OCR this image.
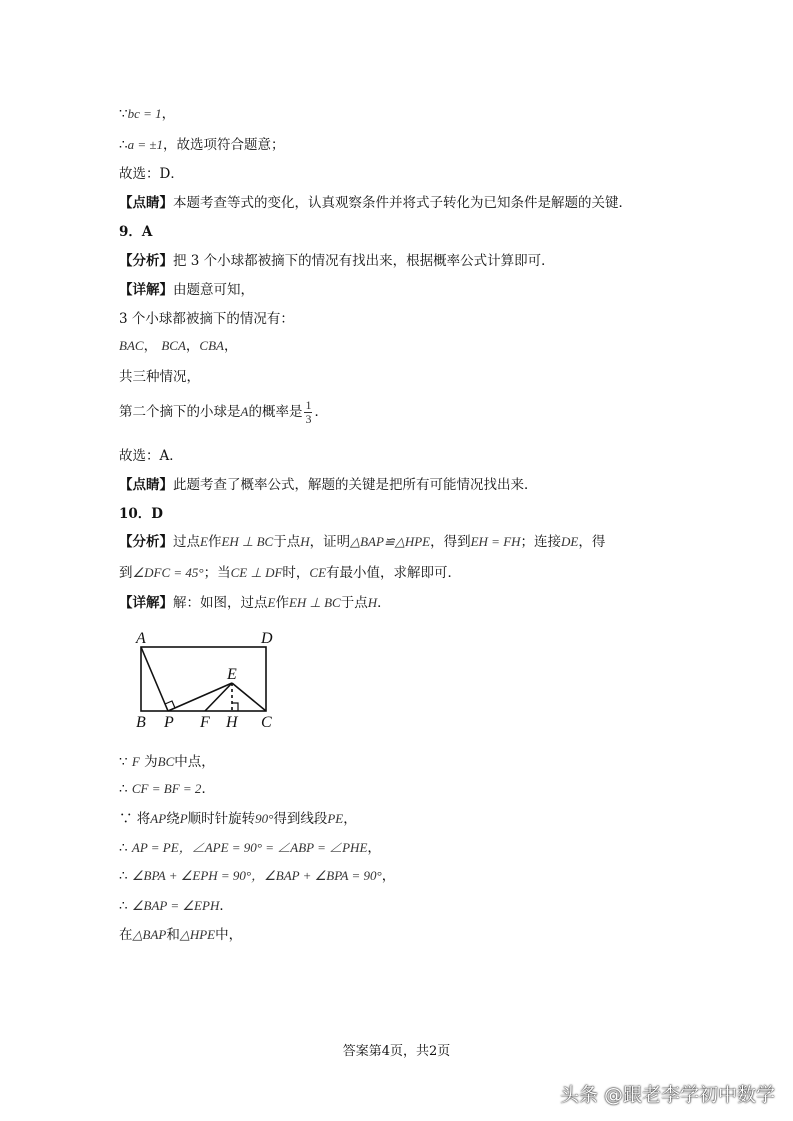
∵bc = 1，
∴a = ±1，故选项符合题意；
故选：D．
【点睛】本题考查等式的变化，认真观察条件并将式子转化为已知条件是解题的关键．
9．A
【分析】把 3 个小球都被摘下的情况有找出来，根据概率公式计算即可．
【详解】由题意可知，
3 个小球都被摘下的情况有：
BAC， BCA，CBA，
共三种情况，
第二个摘下的小球是A的概率是 $\frac{1}{3}$ ．
故选：A．
【点睛】此题考查了概率公式，解题的关键是把所有可能情况找出来．
10．D
【分析】过点E作EH ⊥ BC于点H，证明△BAP≌△HPE，得到EH = FH；连接DE，得
到∠DFC = 45°；当CE ⊥ DF时，CE有最小值，求解即可．
【详解】解：如图，过点E作EH ⊥ BC于点H．
A	D
E
B P F H C
∵ F 为BC中点，
∴ CF = BF = 2．
∵ 将AP绕P顺时针旋转90°得到线段PE，
∴ AP = PE，∠APE = 90° = ∠ABP = ∠PHE，
∴ ∠BPA + ∠EPH = 90°，∠BAP + ∠BPA = 90°，
∴ ∠BAP = ∠EPH．
在△BAP和△HPE中，
答案第4页，共2页
头条 @跟老李学初中数学
